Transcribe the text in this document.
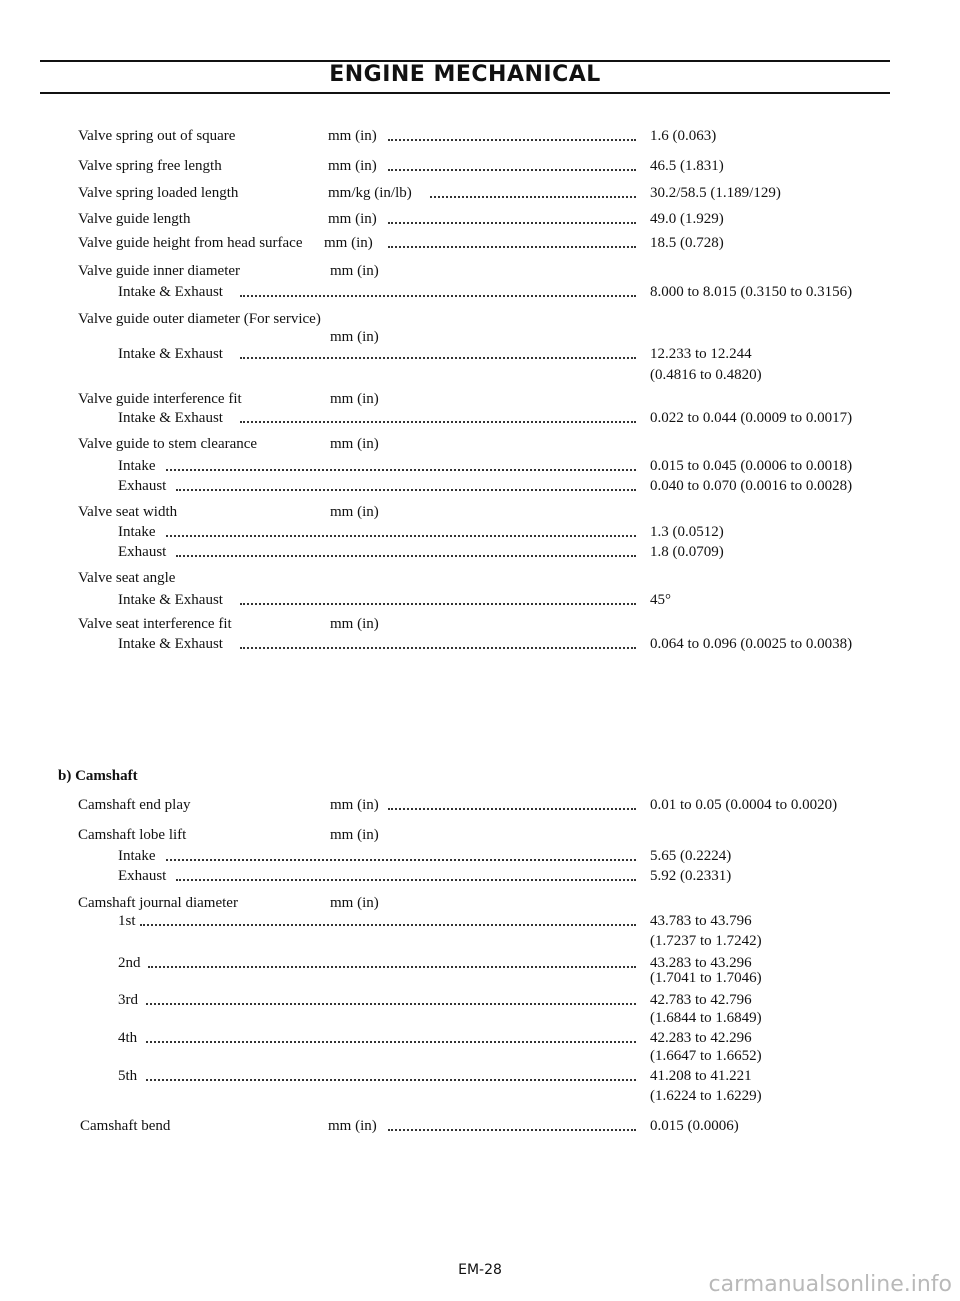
ENGINE MECHANICAL
Valve spring out of square	mm (in)	1.6 (0.063)
Valve spring free length	mm (in)	46.5 (1.831)
Valve spring loaded length	mm/kg (in/lb)	30.2/58.5 (1.189/129)
Valve guide length	mm (in)	49.0 (1.929)
Valve guide height from head surface mm (in)	18.5 (0.728)
Valve guide inner diameter	mm (in)
Intake & Exhaust	8.000 to 8.015 (0.3150 to 0.3156)
Valve guide outer diameter (For service)
mm (in)
Intake & Exhaust	12.233 to 12.244
(0.4816 to 0.4820)
Valve guide interference fit	mm (in)
Intake & Exhaust	0.022 to 0.044 (0.0009 to 0.0017)
Valve guide to stem clearance	mm (in)
Intake	0.015 to 0.045 (0.0006 to 0.0018)
Exhaust	0.040 to 0.070 (0.0016 to 0.0028)
Valve seat width	mm (in)
Intake	1.3 (0.0512)
Exhaust	1.8 (0.0709)
Valve seat angle
Intake & Exhaust	45°
Valve seat interference fit	mm (in)
Intake & Exhaust	0.064 to 0.096 (0.0025 to 0.0038)
b) Camshaft
Camshaft end play	mm (in)	0.01 to 0.05 (0.0004 to 0.0020)
Camshaft lobe lift	mm (in)
Intake	5.65 (0.2224)
Exhaust	5.92 (0.2331)
Camshaft journal diameter	mm (in)
1st	43.783 to 43.796
(1.7237 to 1.7242)
2nd	43.283 to 43.296
(1.7041 to 1.7046)
3rd	42.783 to 42.796
(1.6844 to 1.6849)
4th	42.283 to 42.296
(1.6647 to 1.6652)
5th	41.208 to 41.221
(1.6224 to 1.6229)
Camshaft bend	mm (in)	0.015 (0.0006)
EM-28
carmanualsonline.info
